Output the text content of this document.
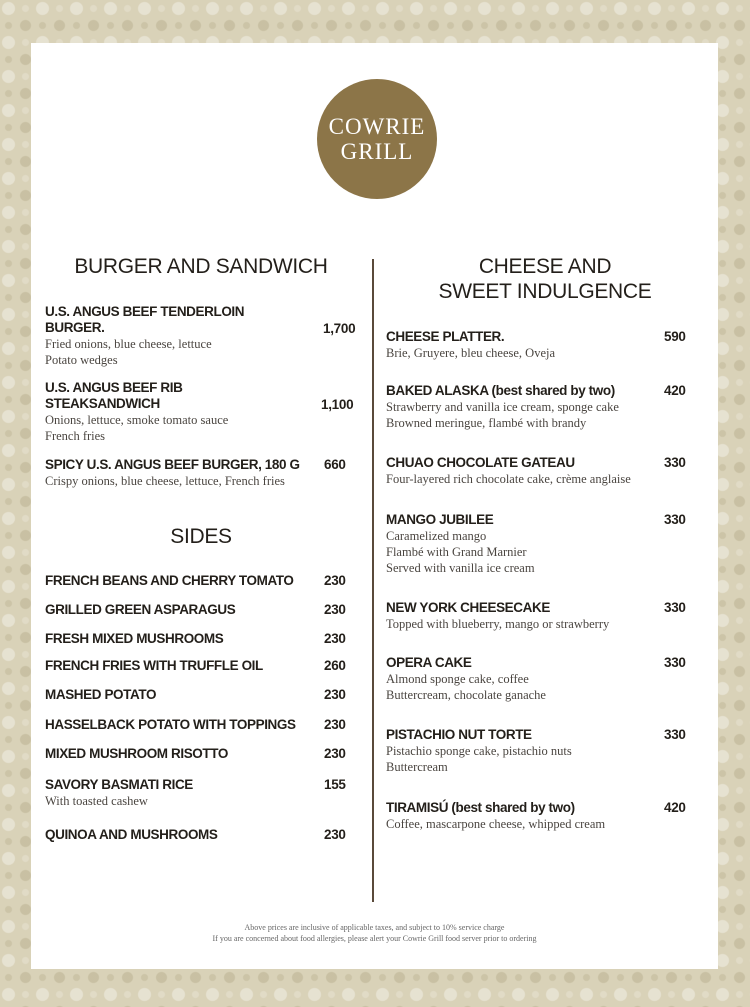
COWRIE
GRILL
BURGER AND SANDWICH
U.S. ANGUS BEEF TENDERLOIN BURGER.
Fried onions, blue cheese, lettuce
Potato wedges
1,700
U.S. ANGUS BEEF RIB STEAKSANDWICH
Onions, lettuce, smoke tomato sauce
French fries
1,100
SPICY U.S. ANGUS BEEF BURGER, 180 G
Crispy onions, blue cheese, lettuce, French fries
660
SIDES
FRENCH BEANS AND CHERRY TOMATO	230
GRILLED GREEN ASPARAGUS	230
FRESH MIXED MUSHROOMS	230
FRENCH FRIES WITH TRUFFLE OIL	260
MASHED POTATO	230
HASSELBACK POTATO WITH TOPPINGS	230
MIXED MUSHROOM RISOTTO	230
SAVORY BASMATI RICE
With toasted cashew
155
QUINOA AND MUSHROOMS	230
CHEESE AND
SWEET INDULGENCE
CHEESE PLATTER.
Brie, Gruyere, bleu cheese, Oveja
590
BAKED ALASKA (best shared by two)
Strawberry and vanilla ice cream, sponge cake
Browned meringue, flambé with brandy
420
CHUAO CHOCOLATE GATEAU
Four-layered rich chocolate cake, crème anglaise
330
MANGO JUBILEE
Caramelized mango
Flambé with Grand Marnier
Served with vanilla ice cream
330
NEW YORK CHEESECAKE
Topped with blueberry, mango or strawberry
330
OPERA CAKE
Almond sponge cake, coffee
Buttercream, chocolate ganache
330
PISTACHIO NUT TORTE
Pistachio sponge cake, pistachio nuts
Buttercream
330
TIRAMISÚ (best shared by two)
Coffee, mascarpone cheese, whipped cream
420
Above prices are inclusive of applicable taxes, and subject to 10% service charge
If you are concerned about food allergies, please alert your Cowrie Grill food server prior to ordering
